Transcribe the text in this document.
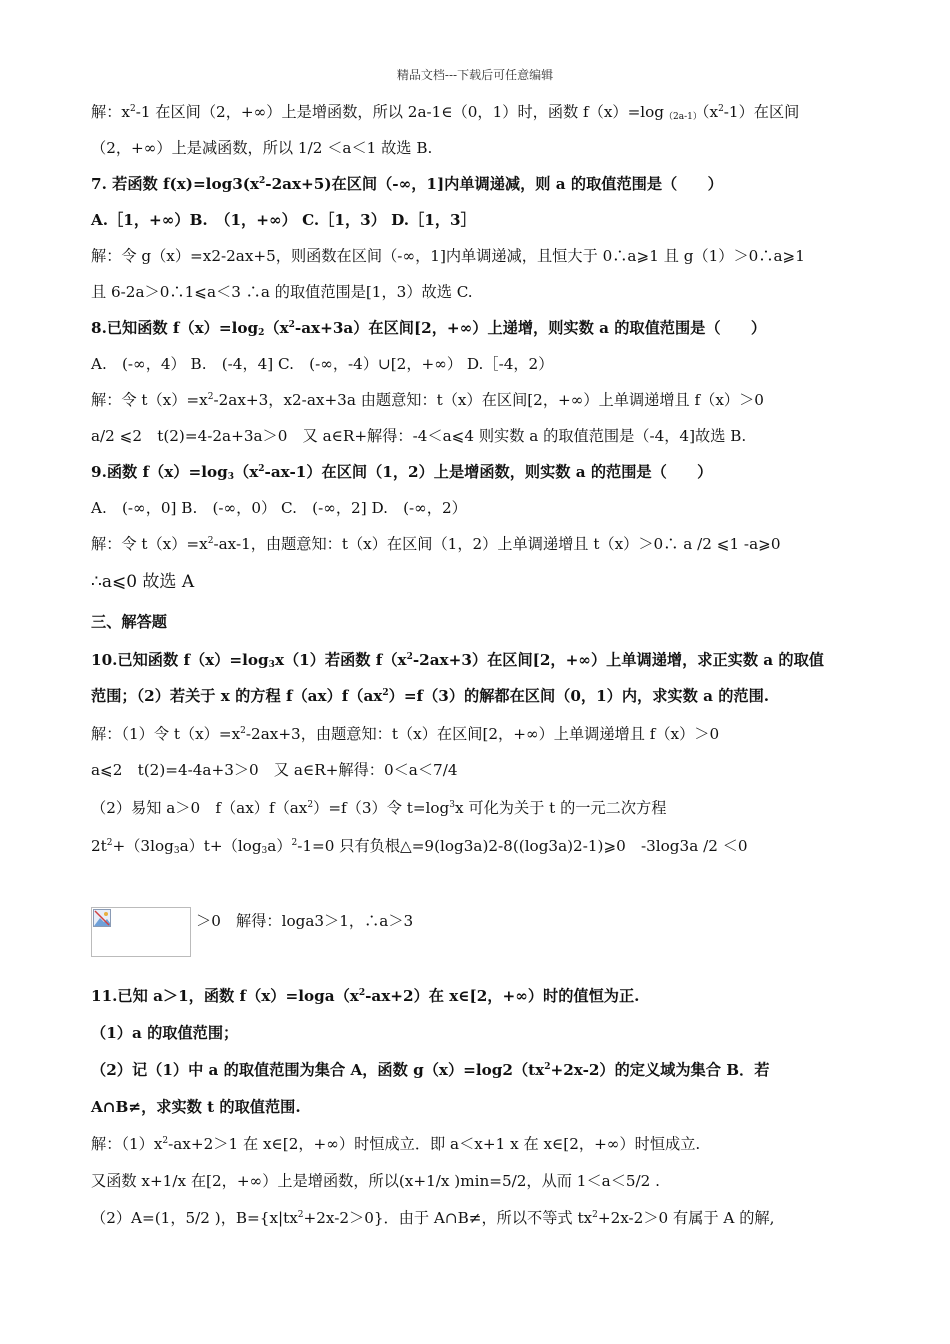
精品文档---下载后可任意编辑
解：$x^2-1$ 在区间（2，+∞）上是增函数，所以 2a-1∈（0，1）时，函数 $f(x)=\log_{(2a-1)}(x^2-1)$在区间
（2，+∞）上是减函数，所以 1/2 ＜a＜1 故选 B.
7. 若函数 $f(x)=\log 3(x^2-2ax+5)$在区间（-∞，1]内单调递减，则 a 的取值范围是（　　）
A.［1，+∞）B.　（1，+∞） C.［1，3） D.［1，3］
解：令 g（x）=x2-2ax+5，则函数在区间（-∞，1]内单调递减，且恒大于 0∴a⩾1 且 g（1）＞0∴a⩾1
且 6-2a＞0∴1⩽a＜3 ∴a 的取值范围是[1，3）故选 C.
8.已知函数 $f(x)=\log_2(x^2-ax+3a)$在区间[2，+∞）上递增，则实数 a 的取值范围是（　　）
A.　(-∞，4） B.　(-4，4] C.　(-∞，-4）∪[2，+∞） D.［-4，2）
解：令 $t(x)=x^2-2ax+3$，x2-ax+3a 由题意知：t（x）在区间[2，+∞）上单调递增且 f（x）＞0
a/2 ⩽2　t(2)=4-2a+3a＞0　又 a∈R+解得：-4＜a⩽4 则实数 a 的取值范围是（-4，4]故选 B.
9.函数 $f(x)=\log_3(x^2-ax-1)$在区间（1，2）上是增函数，则实数 a 的范围是（　　）
A.　(-∞，0] B.　(-∞，0） C.　(-∞，2] D.　(-∞，2）
解：令 $t(x)=x^2-ax-1$，由题意知：t（x）在区间（1，2）上单调递增且 t（x）＞0∴ a /2 ⩽1 -a⩾0
∴a⩽0 故选 A
三、解答题
10.已知函数 $f(x)=\log_3x(1)$若函数 $f(x^2-2ax+3)$在区间[2，+∞）上单调递增，求正实数 a 的取值
范围；（2）若关于 x 的方程 $f(ax)f(ax^2)=f(3)$的解都在区间（0，1）内，求实数 a 的范围.
解：（1）令 $t(x)=x^2-2ax+3$，由题意知：t（x）在区间[2，+∞）上单调递增且 f（x）＞0
a⩽2　t(2)=4-4a+3＞0　又 a∈R+解得：0＜a＜7/4
（2）易知 a＞0　$f(ax)f(ax^2)=f(3)$令 $t=\log^3x$ 可化为关于 t 的一元二次方程
$2t^2+(3\log_3a)t+(\log_3a)^2-1=0$ 只有负根△=9(log3a)2-8((log3a)2-1)⩾0　-3log3a /2 ＜0
11.已知 a＞1，函数 $f(x)=\log a(x^2-ax+2)$在 x∈[2，+∞）时的值恒为正.
（1）a 的取值范围；
（2）记（1）中 a 的取值范围为集合 A，函数 $g(x)=\log 2(tx^2+2x-2)$的定义域为集合 B．若
A∩B≠，求实数 t 的取值范围.
解：$(1)x^2-ax+2>1$ 在 x∈[2，+∞）时恒成立．即 a＜x+1 x 在 x∈[2，+∞）时恒成立.
又函数 x+1/x 在[2，+∞）上是增函数，所以(x+1/x )min=5/2，从而 1＜a＜5/2 .
（2）A=(1，5/2 )，$B=\{x|tx^2+2x-2>0\}$．由于 A∩B≠，所以不等式 $tx^2+2x-2>0$ 有属于 A 的解,
＞0　解得：loga3＞1，∴a＞3
